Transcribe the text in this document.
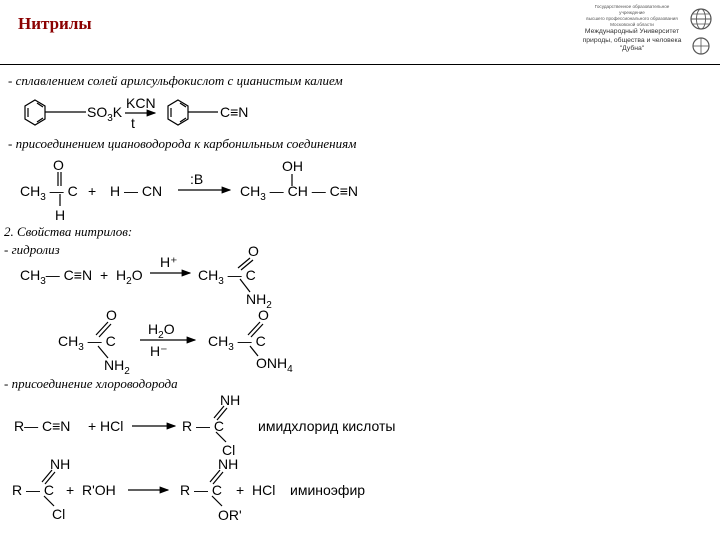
Нитрилы
Государственное образовательное учреждение
высшего профессионального образования
Московской области
Международный Университет
природы, общества и человека
"Дубна"
- сплавлением солей арилсульфокислот с цианистым калием
- присоединением циановодорода к карбонильным соединениям
2. Свойства нитрилов:
- гидролиз
- присоединение хлороводорода
$SO_3K$
KCN
t
C≡N
$CH_3$ — C
O
H
+ H — CN
:B
$CH_3$ — CH — C≡N
OH
$CH_3—$ $C\equiv N + H_2O$
H⁺
$CH_3$ — C
O
$NH_2$
$CH_3$ — C
O
$NH_2$
$H_2O$
H⁻
$CH_3$ — C
O
$ONH_4$
R— C≡N + HCl	R — C
NH
Cl
имидхлорид кислоты
R — C
NH
Cl
+ R'OH	R — C
NH
OR'
+ HCl иминоэфир
